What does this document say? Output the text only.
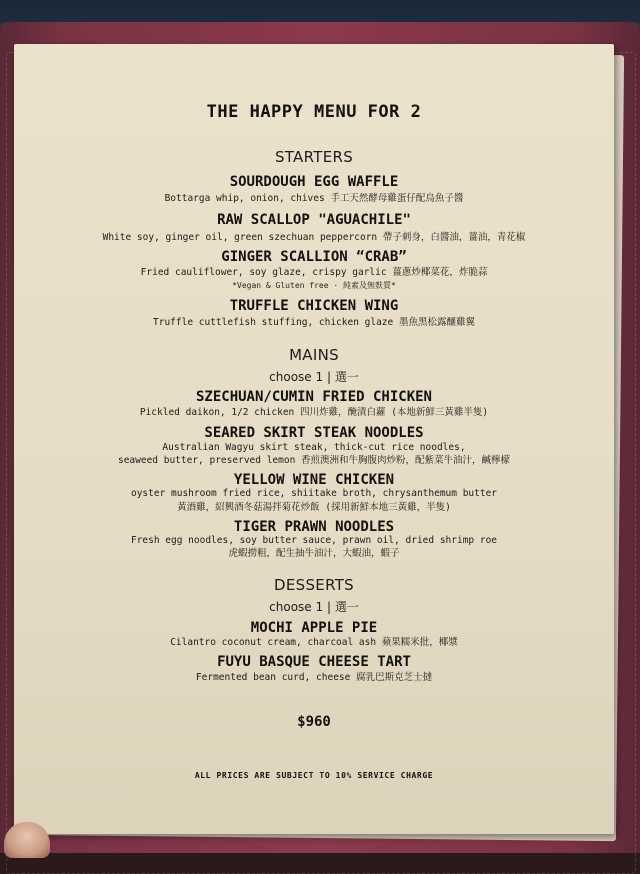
THE HAPPY MENU FOR 2
STARTERS
SOURDOUGH EGG WAFFLE
Bottarga whip, onion, chives 手工天然酵母雞蛋仔配烏魚子醬
RAW SCALLOP "AGUACHILE"
White soy, ginger oil, green szechuan peppercorn 帶子刺身，白醬油，薑油，青花椒
GINGER SCALLION “CRAB”
Fried cauliflower, soy glaze, crispy garlic 薑蔥炒椰菜花，炸脆蒜
*Vegan & Gluten free · 純素及無麩質*
TRUFFLE CHICKEN WING
Truffle cuttlefish stuffing, chicken glaze 墨魚黑松露釀雞翼
MAINS
choose 1 | 選一
SZECHUAN/CUMIN FRIED CHICKEN
Pickled daikon, 1/2 chicken 四川炸雞，醃漬白蘿 (本地新鮮三黃雞半隻)
SEARED SKIRT STEAK NOODLES
Australian Wagyu skirt steak, thick-cut rice noodles,
seaweed butter, preserved lemon 香煎澳洲和牛胸腹肉炒粉，配紫菜牛油汁，鹹檸檬
YELLOW WINE CHICKEN
oyster mushroom fried rice, shiitake broth, chrysanthemum butter
黃酒雞，紹興酒冬菇湯拌菊花炒飯 (採用新鮮本地三黃雞，半隻)
TIGER PRAWN NOODLES
Fresh egg noodles, soy butter sauce, prawn oil, dried shrimp roe
虎蝦撈粗，配生抽牛油汁，大蝦油，蝦子
DESSERTS
choose 1 | 選一
MOCHI APPLE PIE
Cilantro coconut cream, charcoal ash 蘋果糯米批，椰漿
FUYU BASQUE CHEESE TART
Fermented bean curd, cheese 腐乳巴斯克芝士撻
$960
ALL PRICES ARE SUBJECT TO 10% SERVICE CHARGE
